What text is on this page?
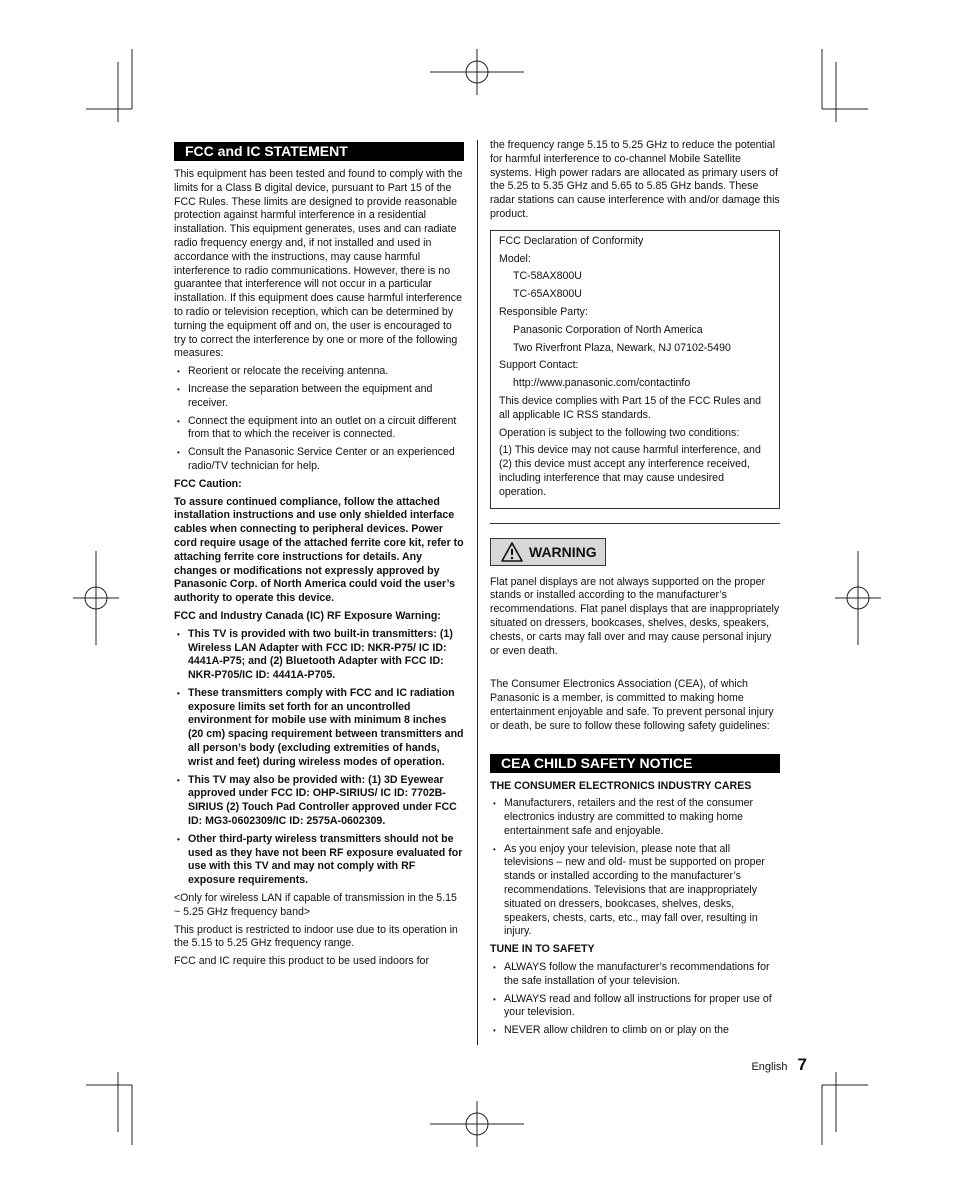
FCC and IC STATEMENT

This equipment has been tested and found to comply with the limits for a Class B digital device, pursuant to Part 15 of the FCC Rules. These limits are designed to provide reasonable protection against harmful interference in a residential installation. This equipment generates, uses and can radiate radio frequency energy and, if not installed and used in accordance with the instructions, may cause harmful interference to radio communications. However, there is no guarantee that interference will not occur in a particular installation. If this equipment does cause harmful interference to radio or television reception, which can be determined by turning the equipment off and on, the user is encouraged to try to correct the interference by one or more of the following measures:

• Reorient or relocate the receiving antenna.
• Increase the separation between the equipment and receiver.
• Connect the equipment into an outlet on a circuit different from that to which the receiver is connected.
• Consult the Panasonic Service Center or an experienced radio/TV technician for help.

FCC Caution:

To assure continued compliance, follow the attached installation instructions and use only shielded interface cables when connecting to peripheral devices. Power cord require usage of the attached ferrite core kit, refer to attaching ferrite core instructions for details. Any changes or modifications not expressly approved by Panasonic Corp. of North America could void the user’s authority to operate this device.

FCC and Industry Canada (IC) RF Exposure Warning:

• This TV is provided with two built-in transmitters: (1) Wireless LAN Adapter with FCC ID: NKR-P75/ IC ID: 4441A-P75; and (2) Bluetooth Adapter with FCC ID: NKR-P705/IC ID: 4441A-P705.
• These transmitters comply with FCC and IC radiation exposure limits set forth for an uncontrolled environment for mobile use with minimum 8 inches (20 cm) spacing requirement between transmitters and all person’s body (excluding extremities of hands, wrist and feet) during wireless modes of operation.
• This TV may also be provided with: (1) 3D Eyewear approved under FCC ID: OHP-SIRIUS/ IC ID: 7702B-SIRIUS (2) Touch Pad Controller approved under FCC ID: MG3-0602309/IC ID: 2575A-0602309.
• Other third-party wireless transmitters should not be used as they have not been RF exposure evaluated for use with this TV and may not comply with RF exposure requirements.

<Only for wireless LAN if capable of transmission in the 5.15 ~ 5.25 GHz frequency band>

This product is restricted to indoor use due to its operation in the 5.15 to 5.25 GHz frequency range.

FCC and IC require this product to be used indoors for

the frequency range 5.15 to 5.25 GHz to reduce the potential for harmful interference to co-channel Mobile Satellite systems. High power radars are allocated as primary users of the 5.25 to 5.35 GHz and 5.65 to 5.85 GHz bands. These radar stations can cause interference with and/or damage this product.

FCC Declaration of Conformity

Model:

TC-58AX800U

TC-65AX800U

Responsible Party:

Panasonic Corporation of North America

Two Riverfront Plaza, Newark, NJ 07102-5490

Support Contact:

http://www.panasonic.com/contactinfo

This device complies with Part 15 of the FCC Rules and all applicable IC RSS standards.

Operation is subject to the following two conditions:

(1) This device may not cause harmful interference, and (2) this device must accept any interference received, including interference that may cause undesired operation.

WARNING

Flat panel displays are not always supported on the proper stands or installed according to the manufacturer’s recommendations. Flat panel displays that are inappropriately situated on dressers, bookcases, shelves, desks, speakers, chests, or carts may fall over and may cause personal injury or even death.

The Consumer Electronics Association (CEA), of which Panasonic is a member, is committed to making home entertainment enjoyable and safe. To prevent personal injury or death, be sure to follow these following safety guidelines:

CEA CHILD SAFETY NOTICE

THE CONSUMER ELECTRONICS INDUSTRY CARES

• Manufacturers, retailers and the rest of the consumer electronics industry are committed to making home entertainment safe and enjoyable.
• As you enjoy your television, please note that all televisions – new and old- must be supported on proper stands or installed according to the manufacturer’s recommendations. Televisions that are inappropriately situated on dressers, bookcases, shelves, desks, speakers, chests, carts, etc., may fall over, resulting in injury.

TUNE IN TO SAFETY

• ALWAYS follow the manufacturer’s recommendations for the safe installation of your television.
• ALWAYS read and follow all instructions for proper use of your television.
• NEVER allow children to climb on or play on the
English 7
